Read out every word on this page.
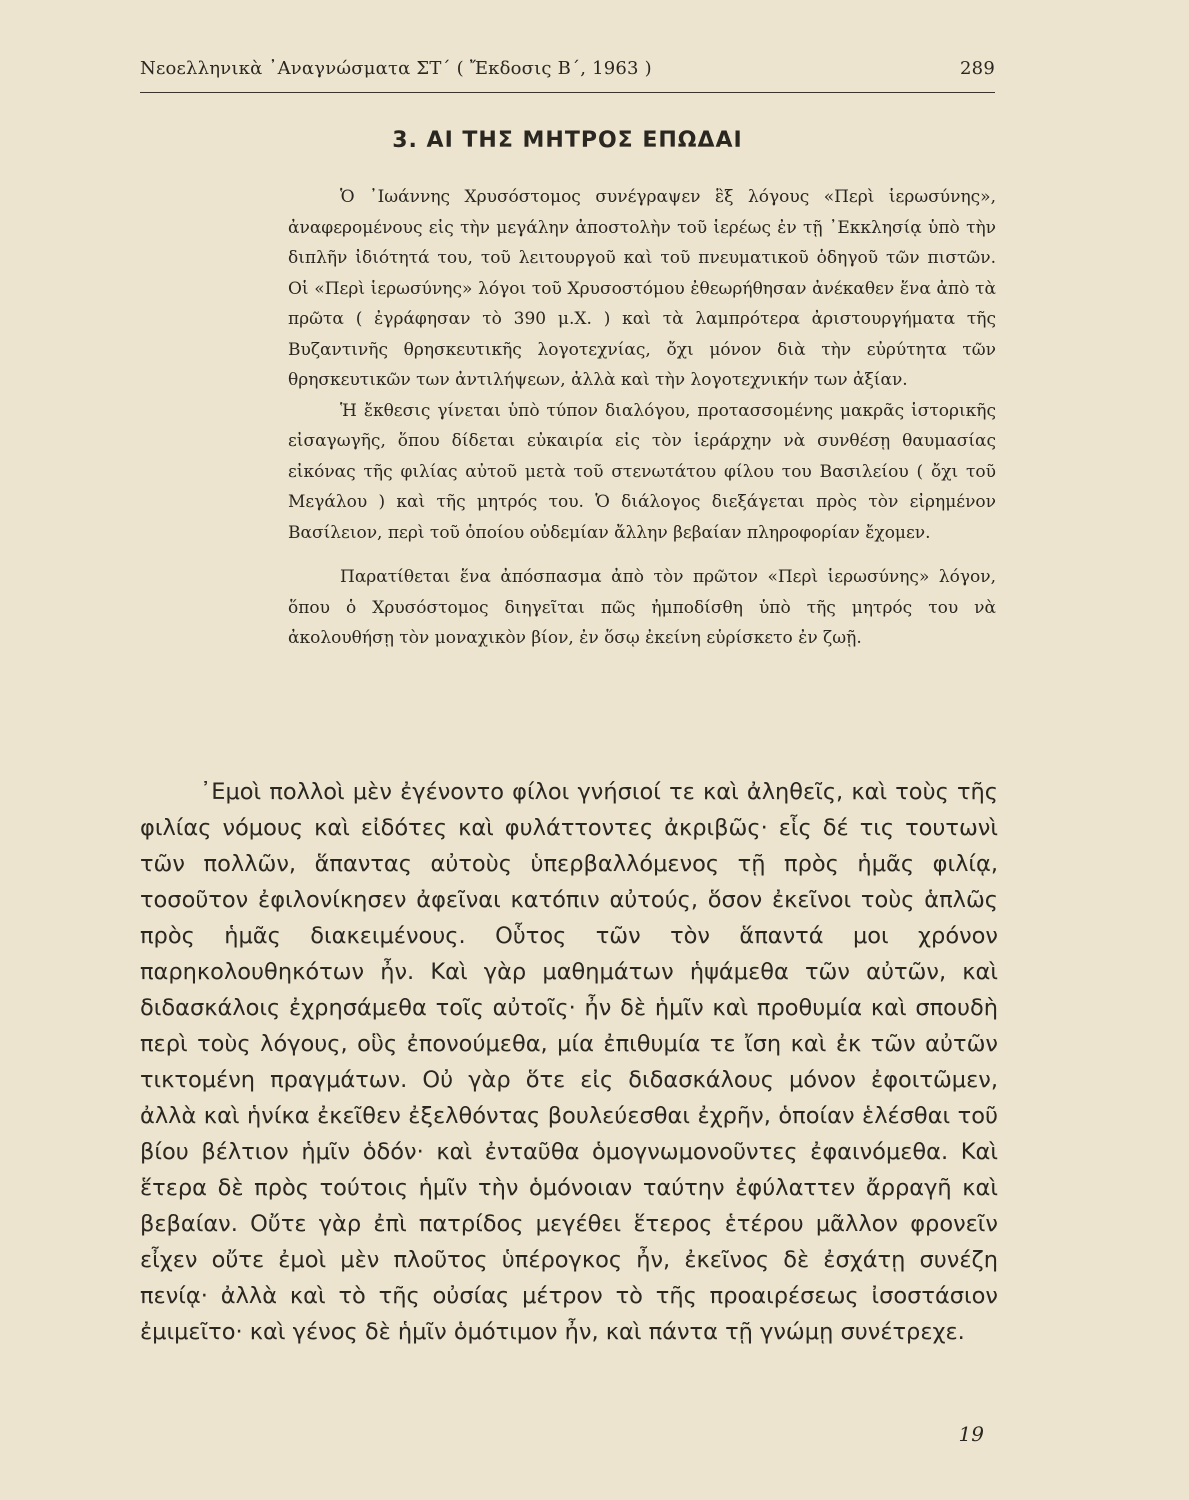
Νεοελληνικὰ ᾿Αναγνώσματα ΣΤ΄ ( Ἔκδοσις Β΄, 1963 )	289
3. ΑΙ ΤΗΣ ΜΗΤΡΟΣ ΕΠΩΔΑΙ

Ὁ ᾿Ιωάννης Χρυσόστομος συνέγραψεν ἓξ λόγους «Περὶ ἱερωσύνης», ἀναφερομένους εἰς τὴν μεγάλην ἀποστολὴν τοῦ ἱερέως ἐν τῇ ᾿Εκκλησίᾳ ὑπὸ τὴν διπλῆν ἰδιότητά του, τοῦ λειτουργοῦ καὶ τοῦ πνευματικοῦ ὁδηγοῦ τῶν πιστῶν. Οἱ «Περὶ ἱερωσύνης» λόγοι τοῦ Χρυσοστόμου ἐθεωρήθησαν ἀνέκαθεν ἕνα ἀπὸ τὰ πρῶτα ( ἐγράφησαν τὸ 390 μ.Χ. ) καὶ τὰ λαμπρότερα ἀριστουργήματα τῆς Βυζαντινῆς θρησκευτικῆς λογοτεχνίας, ὄχι μόνον διὰ τὴν εὐρύτητα τῶν θρησκευτικῶν των ἀντιλήψεων, ἀλλὰ καὶ τὴν λογοτεχνικήν των ἀξίαν.

Ἡ ἔκθεσις γίνεται ὑπὸ τύπον διαλόγου, προτασσομένης μακρᾶς ἱστορικῆς εἰσαγωγῆς, ὅπου δίδεται εὐκαιρία εἰς τὸν ἱεράρχην νὰ συνθέσῃ θαυμασίας εἰκόνας τῆς φιλίας αὐτοῦ μετὰ τοῦ στενωτάτου φίλου του Βασιλείου ( ὄχι τοῦ Μεγάλου ) καὶ τῆς μητρός του. Ὁ διάλογος διεξάγεται πρὸς τὸν εἰρημένον Βασίλειον, περὶ τοῦ ὁποίου οὐδεμίαν ἄλλην βεβαίαν πληροφορίαν ἔχομεν.

Παρατίθεται ἕνα ἀπόσπασμα ἀπὸ τὸν πρῶτον «Περὶ ἱερωσύνης» λόγον, ὅπου ὁ Χρυσόστομος διηγεῖται πῶς ἠμποδίσθη ὑπὸ τῆς μητρός του νὰ ἀκολουθήσῃ τὸν μοναχικὸν βίον, ἐν ὅσῳ ἐκείνη εὑρίσκετο ἐν ζωῇ.

᾿Εμοὶ πολλοὶ μὲν ἐγένοντο φίλοι γνήσιοί τε καὶ ἀληθεῖς, καὶ τοὺς τῆς φιλίας νόμους καὶ εἰδότες καὶ φυλάττοντες ἀκριβῶς· εἷς δέ τις τουτωνὶ τῶν πολλῶν, ἅπαντας αὐτοὺς ὑπερβαλλόμενος τῇ πρὸς ἡμᾶς φιλίᾳ, τοσοῦτον ἐφιλονίκησεν ἀφεῖναι κατόπιν αὐτούς, ὅσον ἐκεῖνοι τοὺς ἁπλῶς πρὸς ἡμᾶς διακειμένους. Οὗτος τῶν τὸν ἅπαντά μοι χρόνον παρηκολουθηκότων ἦν. Καὶ γὰρ μαθημάτων ἡψάμεθα τῶν αὐτῶν, καὶ διδασκάλοις ἐχρησάμεθα τοῖς αὐτοῖς· ἦν δὲ ἡμῖν καὶ προθυμία καὶ σπουδὴ περὶ τοὺς λόγους, οὓς ἐπονούμεθα, μία ἐπιθυμία τε ἴση καὶ ἐκ τῶν αὐτῶν τικτομένη πραγμάτων. Οὐ γὰρ ὅτε εἰς διδασκάλους μόνον ἐφοιτῶμεν, ἀλλὰ καὶ ἡνίκα ἐκεῖθεν ἐξελθόντας βουλεύεσθαι ἐχρῆν, ὁποίαν ἑλέσθαι τοῦ βίου βέλτιον ἡμῖν ὁδόν· καὶ ἐνταῦθα ὁμογνωμονοῦντες ἐφαινόμεθα. Καὶ ἕτερα δὲ πρὸς τούτοις ἡμῖν τὴν ὁμόνοιαν ταύτην ἐφύλαττεν ἄρραγῆ καὶ βεβαίαν. Οὔτε γὰρ ἐπὶ πατρίδος μεγέθει ἕτερος ἑτέρου μᾶλλον φρονεῖν εἶχεν οὔτε ἐμοὶ μὲν πλοῦτος ὑπέρογκος ἦν, ἐκεῖνος δὲ ἐσχάτῃ συνέζη πενίᾳ· ἀλλὰ καὶ τὸ τῆς οὐσίας μέτρον τὸ τῆς προαιρέσεως ἰσοστάσιον ἐμιμεῖτο· καὶ γένος δὲ ἡμῖν ὁμότιμον ἦν, καὶ πάντα τῇ γνώμῃ συνέτρεχε.

19
